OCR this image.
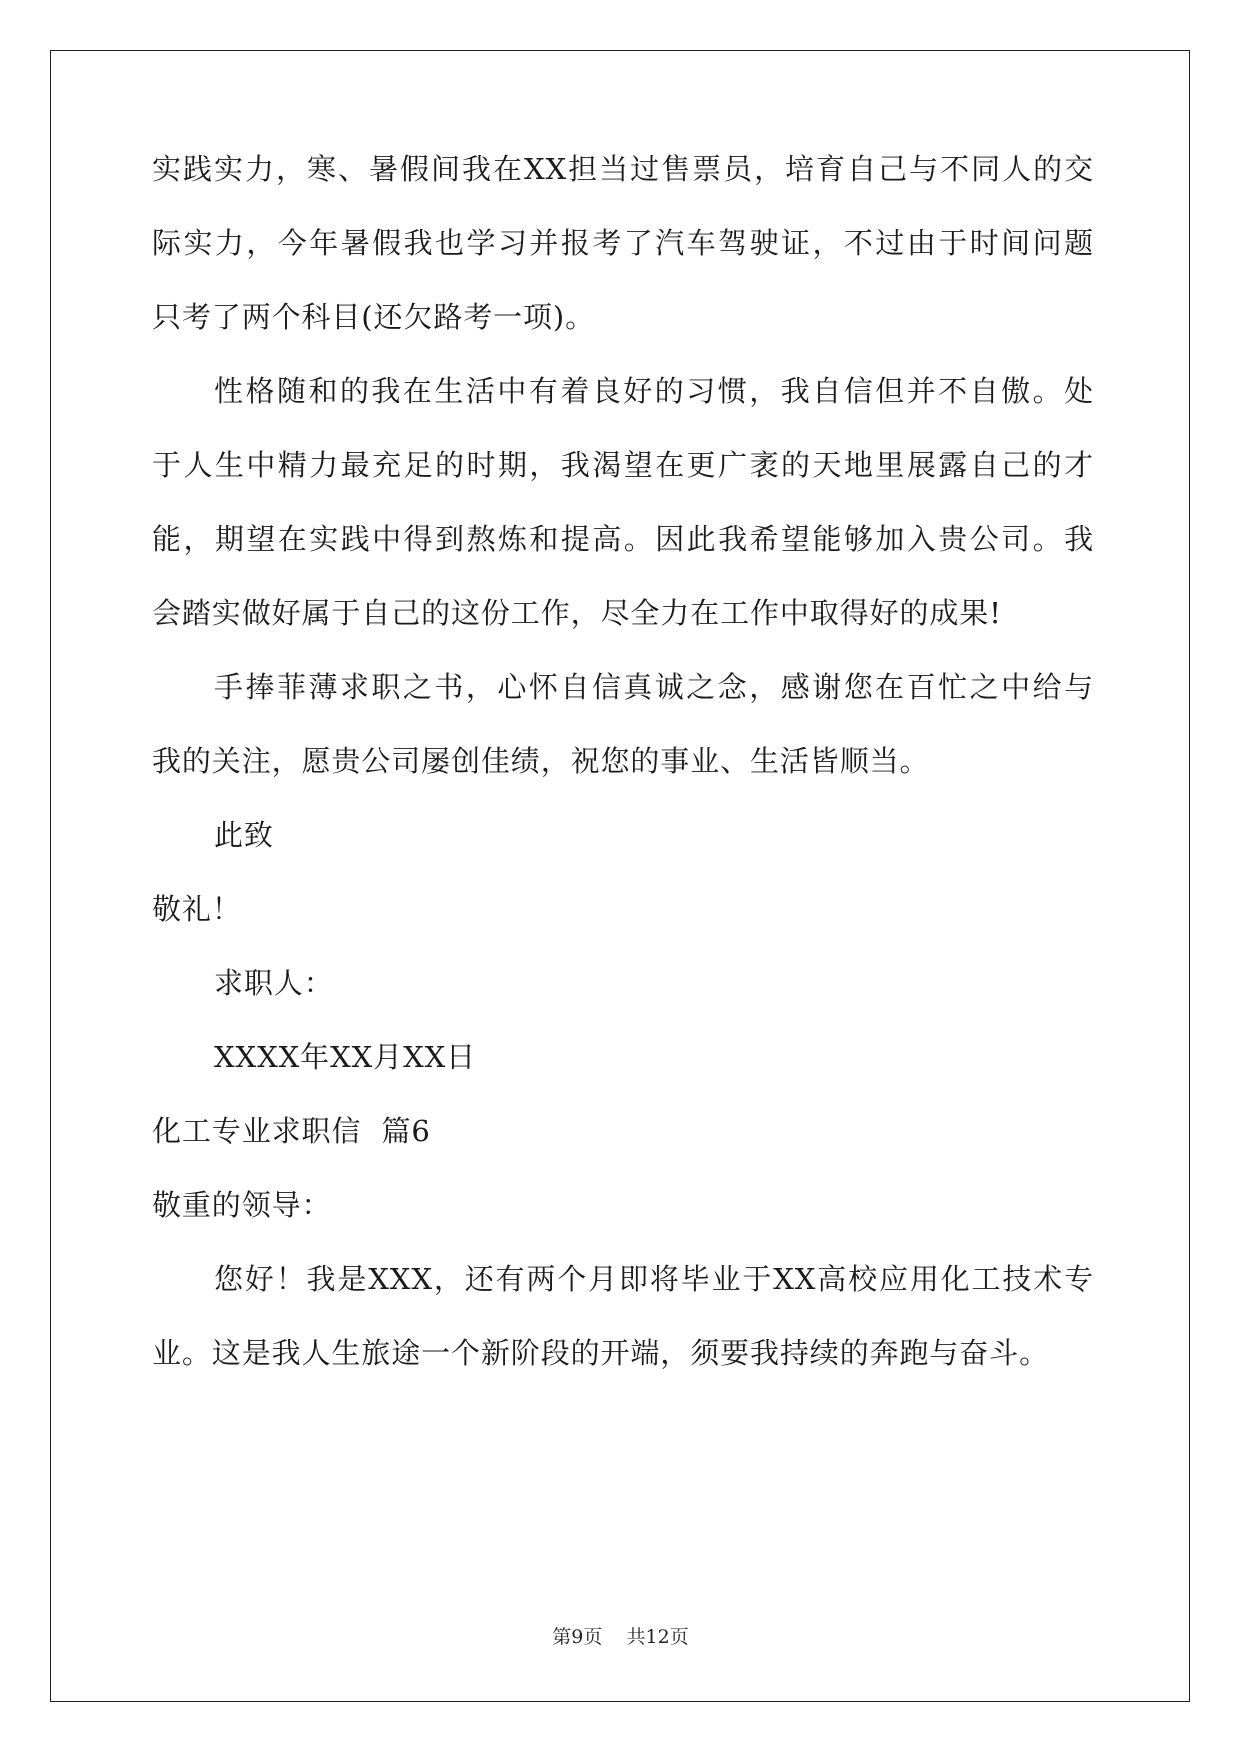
实践实力，寒、暑假间我在XX担当过售票员，培育自己与不同人的交
际实力，今年暑假我也学习并报考了汽车驾驶证，不过由于时间问题
只考了两个科目(还欠路考一项)。
性格随和的我在生活中有着良好的习惯，我自信但并不自傲。处
于人生中精力最充足的时期，我渴望在更广袤的天地里展露自己的才
能，期望在实践中得到熬炼和提高。因此我希望能够加入贵公司。我
会踏实做好属于自己的这份工作，尽全力在工作中取得好的成果!
手捧菲薄求职之书，心怀自信真诚之念，感谢您在百忙之中给与
我的关注，愿贵公司屡创佳绩，祝您的事业、生活皆顺当。
此致
敬礼！
求职人：
XXXX年XX月XX日
化工专业求职信  篇6
敬重的领导：
您好！我是XXX，还有两个月即将毕业于XX高校应用化工技术专
业。这是我人生旅途一个新阶段的开端，须要我持续的奔跑与奋斗。
第9页    共12页
